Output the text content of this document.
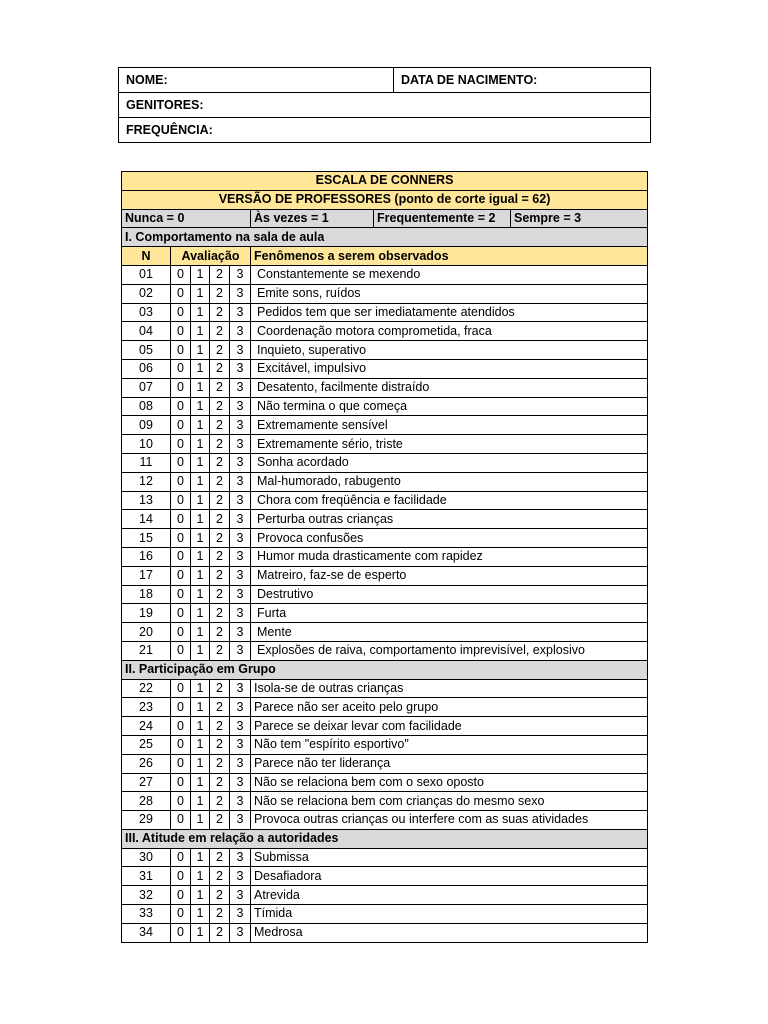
NOME:	DATA DE NACIMENTO:
GENITORES:
FREQUÊNCIA:
ESCALA DE CONNERS							
VERSÃO DE PROFESSORES (ponto de corte igual = 62)							
Nunca = 0					Às vezes = 1	Frequentemente = 2	Sempre = 3
I. Comportamento na sala de aula							
N	Avaliação				Fenômenos a serem observados		
01	0	1	2	3	Constantemente se mexendo		
02	0	1	2	3	Emite sons, ruídos		
03	0	1	2	3	Pedidos tem que ser imediatamente atendidos		
04	0	1	2	3	Coordenação motora comprometida, fraca		
05	0	1	2	3	Inquieto, superativo		
06	0	1	2	3	Excitável, impulsivo		
07	0	1	2	3	Desatento, facilmente distraído		
08	0	1	2	3	Não termina o que começa		
09	0	1	2	3	Extremamente sensível		
10	0	1	2	3	Extremamente sério, triste		
11	0	1	2	3	Sonha acordado		
12	0	1	2	3	Mal-humorado, rabugento		
13	0	1	2	3	Chora com freqüência e facilidade		
14	0	1	2	3	Perturba outras crianças		
15	0	1	2	3	Provoca confusões		
16	0	1	2	3	Humor muda drasticamente com rapidez		
17	0	1	2	3	Matreiro, faz-se de esperto		
18	0	1	2	3	Destrutivo		
19	0	1	2	3	Furta		
20	0	1	2	3	Mente		
21	0	1	2	3	Explosões de raiva, comportamento imprevisível, explosivo		
II. Participação em Grupo							
22	0	1	2	3	Isola-se de outras crianças		
23	0	1	2	3	Parece não ser aceito pelo grupo		
24	0	1	2	3	Parece se deixar levar com facilidade		
25	0	1	2	3	Não tem "espírito esportivo"		
26	0	1	2	3	Parece não ter liderança		
27	0	1	2	3	Não se relaciona bem com o sexo oposto		
28	0	1	2	3	Não se relaciona bem com crianças do mesmo sexo		
29	0	1	2	3	Provoca outras crianças ou interfere com as suas atividades		
III. Atitude em relação a autoridades							
30	0	1	2	3	Submissa		
31	0	1	2	3	Desafiadora		
32	0	1	2	3	Atrevida		
33	0	1	2	3	Tímida		
34	0	1	2	3	Medrosa		
